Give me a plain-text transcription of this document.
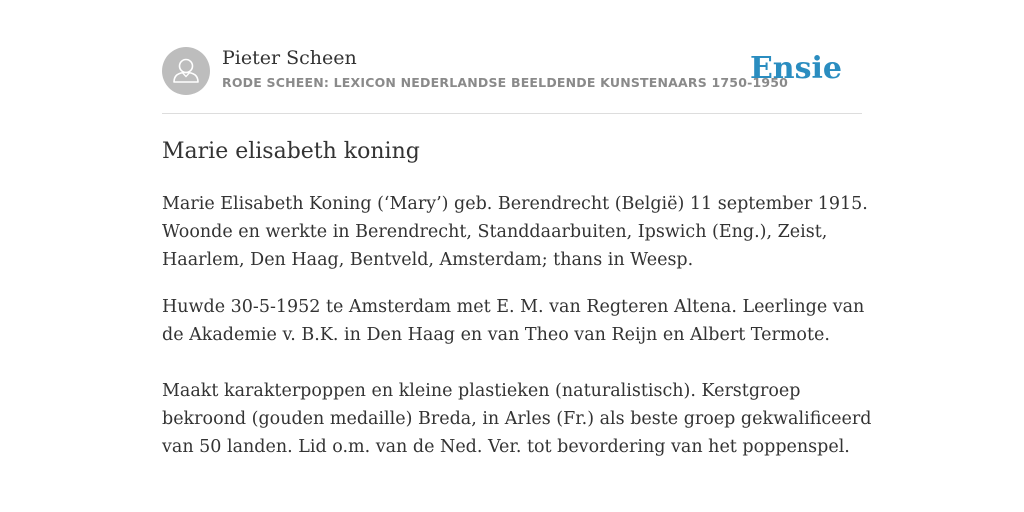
Pieter Scheen
RODE SCHEEN: LEXICON NEDERLANDSE BEELDENDE KUNSTENAARS 1750-1950
Ensie
Marie elisabeth koning

Marie Elisabeth Koning (‘Mary’) geb. Berendrecht (België) 11 september 1915. Woonde en werkte in Berendrecht, Standdaarbuiten, Ipswich (Eng.), Zeist, Haarlem, Den Haag, Bentveld, Amsterdam; thans in Weesp.

Huwde 30-5-1952 te Amsterdam met E. M. van Regteren Altena. Leerlinge van de Akademie v. B.K. in Den Haag en van Theo van Reijn en Albert Termote.

Maakt karakterpoppen en kleine plastieken (naturalistisch). Kerstgroep bekroond (gouden medaille) Breda, in Arles (Fr.) als beste groep gekwalificeerd van 50 landen. Lid o.m. van de Ned. Ver. tot bevordering van het poppenspel.
